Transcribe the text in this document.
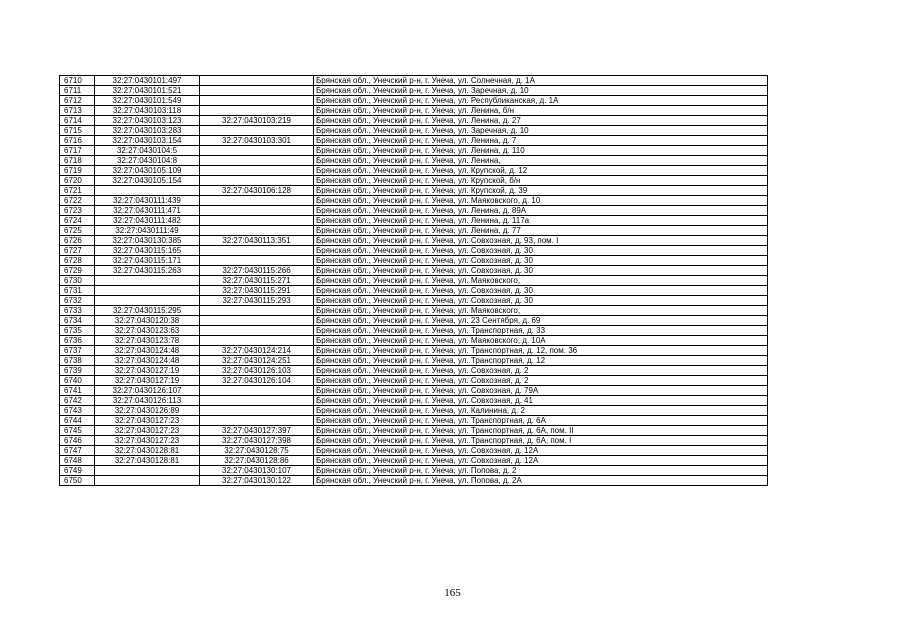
6710	32:27:0430101:497		Брянская обл., Унечский р-н, г. Унеча, ул. Солнечная, д. 1А
6711	32:27:0430101:521		Брянская обл., Унечский р-н, г. Унеча, ул. Заречная, д. 10
6712	32:27:0430101:549		Брянская обл., Унечский р-н, г. Унеча, ул. Республиканская, д. 1А
6713	32:27:0430103:118		Брянская обл., Унечский р-н, г. Унеча, ул. Ленина, б/н
6714	32:27:0430103:123	32:27:0430103:219	Брянская обл., Унечский р-н, г. Унеча, ул. Ленина, д. 27
6715	32:27:0430103:283		Брянская обл., Унечский р-н, г. Унеча, ул. Заречная, д. 10
6716	32:27:0430103:154	32:27:0430103:301	Брянская обл., Унечский р-н, г. Унеча, ул. Ленина, д. 7
6717	32:27:0430104:5		Брянская обл., Унечский р-н, г. Унеча, ул. Ленина, д. 110
6718	32:27:0430104:8		Брянская обл., Унечский р-н, г. Унеча, ул. Ленина,
6719	32:27:0430105:109		Брянская обл., Унечский р-н, г. Унеча, ул. Крупской, д. 12
6720	32:27:0430105:154		Брянская обл., Унечский р-н, г. Унеча, ул. Крупской, б/н
6721		32:27:0430106:128	Брянская обл., Унечский р-н, г. Унеча, ул. Крупской, д. 39
6722	32:27:0430111:439		Брянская обл., Унечский р-н, г. Унеча, ул. Маяковского, д. 10
6723	32:27:0430111:471		Брянская обл., Унечский р-н, г. Унеча, ул. Ленина, д. 89А
6724	32:27:0430111:482		Брянская обл., Унечский р-н, г. Унеча, ул. Ленина, д. 117а
6725	32:27:0430111:49		Брянская обл., Унечский р-н, г. Унеча, ул. Ленина, д. 77
6726	32:27:0430130:385	32:27:0430113:351	Брянская обл., Унечский р-н, г. Унеча, ул. Совхозная, д. 93, пом. I
6727	32:27:0430115:165		Брянская обл., Унечский р-н, г. Унеча, ул. Совхозная, д. 30
6728	32:27:0430115:171		Брянская обл., Унечский р-н, г. Унеча, ул. Совхозная, д. 30
6729	32:27:0430115:263	32:27:0430115:266	Брянская обл., Унечский р-н, г. Унеча, ул. Совхозная, д. 30
6730		32:27:0430115:271	Брянская обл., Унечский р-н, г. Унеча, ул. Маяковского,
6731		32:27:0430115:291	Брянская обл., Унечский р-н, г. Унеча, ул. Совхозная, д. 30
6732		32:27:0430115:293	Брянская обл., Унечский р-н, г. Унеча, ул. Совхозная, д. 30
6733	32:27:0430115:295		Брянская обл., Унечский р-н, г. Унеча, ул. Маяковского,
6734	32:27:0430120:38		Брянская обл., Унечский р-н, г. Унеча, ул. 23 Сентября, д. 69
6735	32:27:0430123:63		Брянская обл., Унечский р-н, г. Унеча, ул. Транспортная, д. 33
6736	32:27:0430123:78		Брянская обл., Унечский р-н, г. Унеча, ул. Маяковского, д. 10А
6737	32:27:0430124:48	32:27:0430124:214	Брянская обл., Унечский р-н, г. Унеча, ул. Транспортная, д. 12, пом. 36
6738	32:27:0430124:48	32:27:0430124:251	Брянская обл., Унечский р-н, г. Унеча, ул. Транспортная, д. 12
6739	32:27:0430127:19	32:27:0430126:103	Брянская обл., Унечский р-н, г. Унеча, ул. Совхозная, д. 2
6740	32:27:0430127:19	32:27:0430126:104	Брянская обл., Унечский р-н, г. Унеча, ул. Совхозная, д. 2
6741	32:27:0430126:107		Брянская обл., Унечский р-н, г. Унеча, ул. Совхозная, д. 79А
6742	32:27:0430126:113		Брянская обл., Унечский р-н, г. Унеча, ул. Совхозная, д. 41
6743	32:27:0430126:89		Брянская обл., Унечский р-н, г. Унеча, ул. Калинина, д. 2
6744	32:27:0430127:23		Брянская обл., Унечский р-н, г. Унеча, ул. Транспортная, д. 6А
6745	32:27:0430127:23	32:27:0430127:397	Брянская обл., Унечский р-н, г. Унеча, ул. Транспортная, д. 6А, пом. II
6746	32:27:0430127:23	32:27:0430127:398	Брянская обл., Унечский р-н, г. Унеча, ул. Транспортная, д. 6А, пом. I
6747	32:27:0430128:81	32:27:0430128:75	Брянская обл., Унечский р-н, г. Унеча, ул. Совхозная, д. 12А
6748	32:27:0430128:81	32:27:0430128:86	Брянская обл., Унечский р-н, г. Унеча, ул. Совхозная, д. 12А
6749		32:27:0430130:107	Брянская обл., Унечский р-н, г. Унеча, ул. Попова, д. 2
6750		32:27:0430130:122	Брянская обл., Унечский р-н, г. Унеча, ул. Попова, д. 2А
165
